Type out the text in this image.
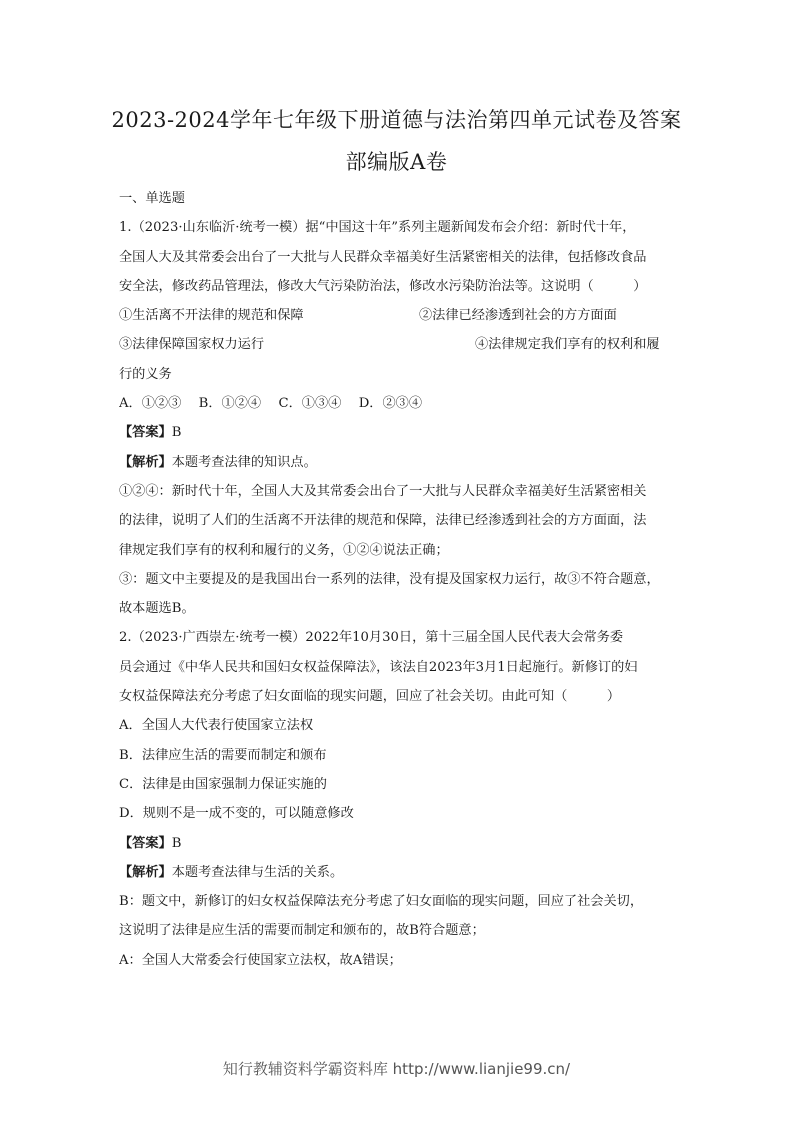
2023-2024学年七年级下册道德与法治第四单元试卷及答案
部编版A卷
一、单选题
1.（2023·山东临沂·统考一模）据“中国这十年”系列主题新闻发布会介绍：新时代十年，
全国人大及其常委会出台了一大批与人民群众幸福美好生活紧密相关的法律，包括修改食品
安全法，修改药品管理法，修改大气污染防治法，修改水污染防治法等。这说明（　　　）
①生活离不开法律的规范和保障	②法律已经渗透到社会的方方面面
③法律保障国家权力运行	④法律规定我们享有的权利和履
行的义务
A．①②③　 B．①②④　 C．①③④　 D．②③④
【答案】B
【解析】本题考查法律的知识点。
①②④：新时代十年，全国人大及其常委会出台了一大批与人民群众幸福美好生活紧密相关
的法律，说明了人们的生活离不开法律的规范和保障，法律已经渗透到社会的方方面面，法
律规定我们享有的权利和履行的义务，①②④说法正确；
③：题文中主要提及的是我国出台一系列的法律，没有提及国家权力运行，故③不符合题意，
故本题选B。
2.（2023·广西崇左·统考一模）2022年10月30日，第十三届全国人民代表大会常务委
员会通过《中华人民共和国妇女权益保障法》，该法自2023年3月1日起施行。新修订的妇
女权益保障法充分考虑了妇女面临的现实问题，回应了社会关切。由此可知（　　　）
A．全国人大代表行使国家立法权
B．法律应生活的需要而制定和颁布
C．法律是由国家强制力保证实施的
D．规则不是一成不变的，可以随意修改
【答案】B
【解析】本题考查法律与生活的关系。
B：题文中，新修订的妇女权益保障法充分考虑了妇女面临的现实问题，回应了社会关切，
这说明了法律是应生活的需要而制定和颁布的，故B符合题意；
A：全国人大常委会行使国家立法权，故A错误；
知行教辅资料学霸资料库 http://www.lianjie99.cn/
